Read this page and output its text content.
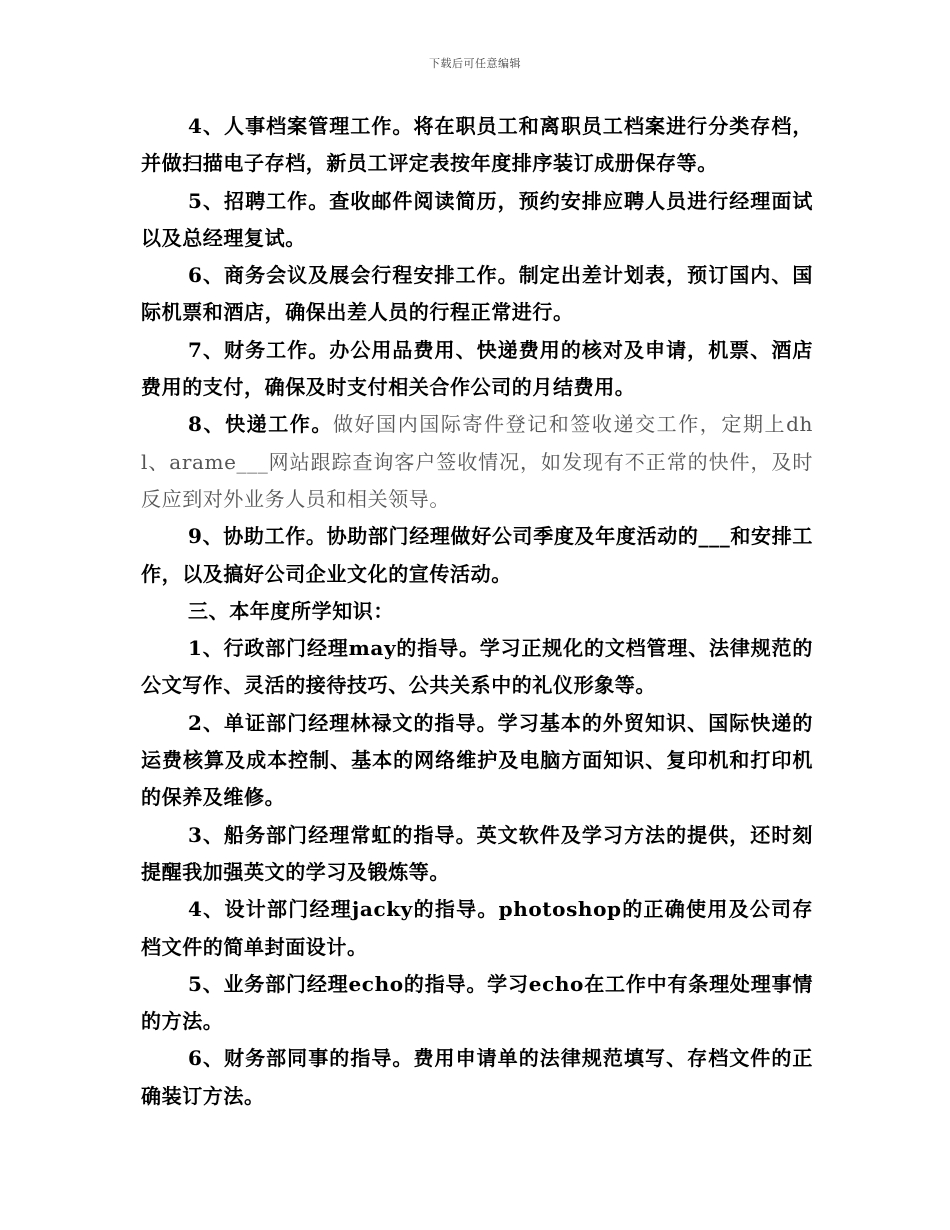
下载后可任意编辑

4、人事档案管理工作。将在职员工和离职员工档案进行分类存档，并做扫描电子存档，新员工评定表按年度排序装订成册保存等。

5、招聘工作。查收邮件阅读简历，预约安排应聘人员进行经理面试以及总经理复试。

6、商务会议及展会行程安排工作。制定出差计划表，预订国内、国际机票和酒店，确保出差人员的行程正常进行。

7、财务工作。办公用品费用、快递费用的核对及申请，机票、酒店费用的支付，确保及时支付相关合作公司的月结费用。

8、快递工作。做好国内国际寄件登记和签收递交工作，定期上dhl、arame___网站跟踪查询客户签收情况，如发现有不正常的快件，及时反应到对外业务人员和相关领导。

9、协助工作。协助部门经理做好公司季度及年度活动的___和安排工作，以及搞好公司企业文化的宣传活动。

三、本年度所学知识：

1、行政部门经理may的指导。学习正规化的文档管理、法律规范的公文写作、灵活的接待技巧、公共关系中的礼仪形象等。

2、单证部门经理林禄文的指导。学习基本的外贸知识、国际快递的运费核算及成本控制、基本的网络维护及电脑方面知识、复印机和打印机的保养及维修。

3、船务部门经理常虹的指导。英文软件及学习方法的提供，还时刻提醒我加强英文的学习及锻炼等。

4、设计部门经理jacky的指导。photoshop的正确使用及公司存档文件的简单封面设计。

5、业务部门经理echo的指导。学习echo在工作中有条理处理事情的方法。

6、财务部同事的指导。费用申请单的法律规范填写、存档文件的正确装订方法。
